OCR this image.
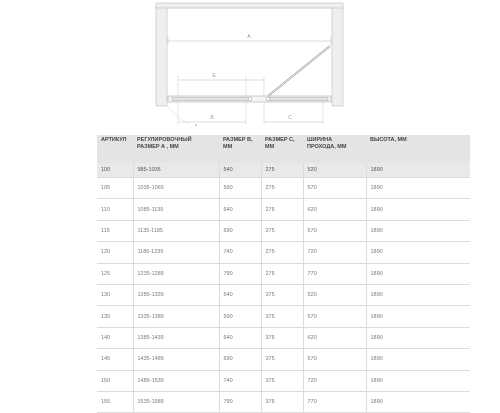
A
E
B	C
АРТИКУЛ	РЕГУЛИРОВОЧНЫЙ РАЗМЕР А , ММ	РАЗМЕР B, ММ	РАЗМЕР C, ММ	ШИРИНА ПРОХОДА, ММ	ВЫСОТА, ММ
100	985-1035	540	275	520	1890
105	1035-1065	590	275	570	1890
110	1085-1135	640	275	620	1890
115	1135-1185	690	275	670	1890
120	1185-1235	740	275	720	1890
125	1235-1285	790	275	770	1890
130	1285-1335	540	375	520	1890
135	1335-1385	590	375	570	1890
140	1385-1435	640	375	620	1890
145	1435-1485	690	375	670	1890
150	1485-1535	740	375	720	1890
155	1535-1585	790	375	770	1890
